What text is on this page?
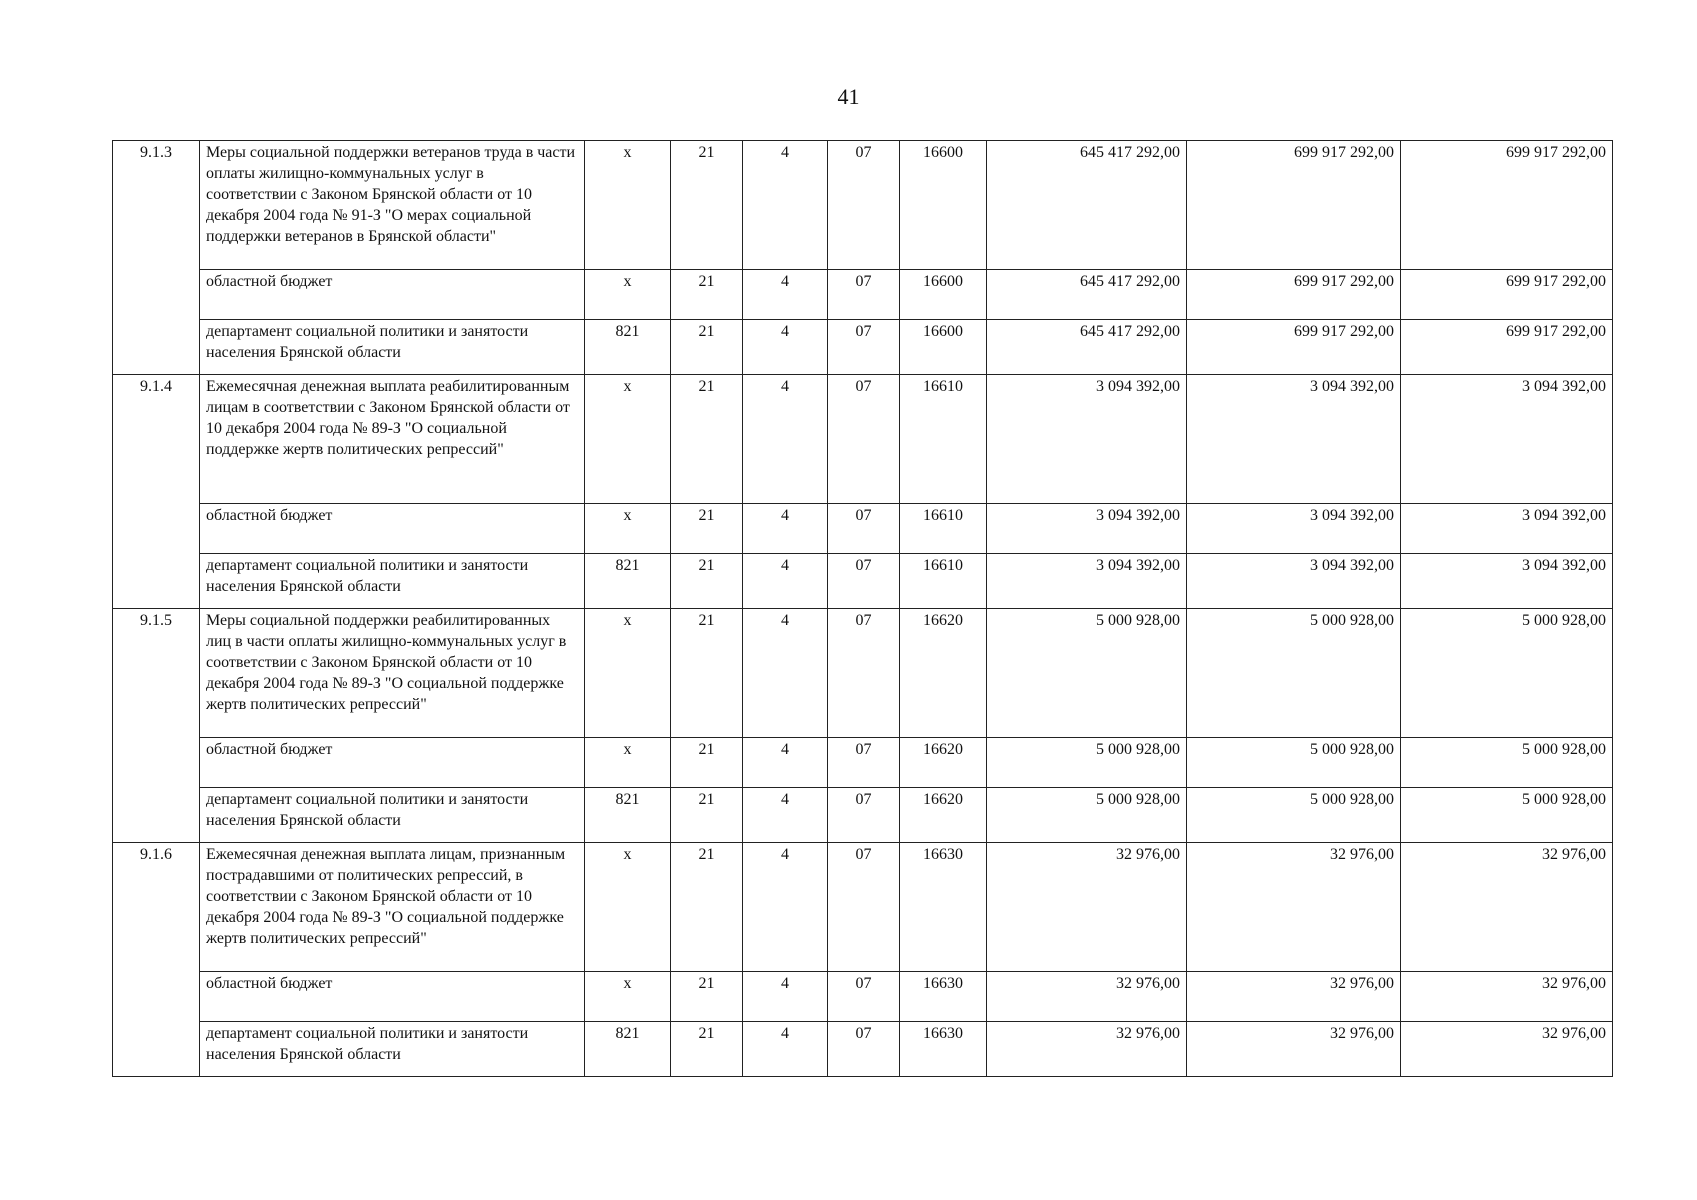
41
9.1.3	Меры социальной поддержки ветеранов труда в части оплаты жилищно-коммунальных услуг в соответствии с Законом Брянской области от 10 декабря 2004 года № 91-З "О мерах социальной поддержки ветеранов в Брянской области"	x	21	4	07	16600	645 417 292,00	699 917 292,00	699 917 292,00
	областной бюджет	x	21	4	07	16600	645 417 292,00	699 917 292,00	699 917 292,00
	департамент социальной политики и занятости населения Брянской области	821	21	4	07	16600	645 417 292,00	699 917 292,00	699 917 292,00
9.1.4	Ежемесячная денежная выплата реабилитированным лицам в соответствии с Законом Брянской области от 10 декабря 2004 года № 89-З "О социальной поддержке жертв политических репрессий"	x	21	4	07	16610	3 094 392,00	3 094 392,00	3 094 392,00
	областной бюджет	x	21	4	07	16610	3 094 392,00	3 094 392,00	3 094 392,00
	департамент социальной политики и занятости населения Брянской области	821	21	4	07	16610	3 094 392,00	3 094 392,00	3 094 392,00
9.1.5	Меры социальной поддержки реабилитированных лиц в части оплаты жилищно-коммунальных услуг в соответствии с Законом Брянской области от 10 декабря 2004 года № 89-З "О социальной поддержке жертв политических репрессий"	x	21	4	07	16620	5 000 928,00	5 000 928,00	5 000 928,00
	областной бюджет	x	21	4	07	16620	5 000 928,00	5 000 928,00	5 000 928,00
	департамент социальной политики и занятости населения Брянской области	821	21	4	07	16620	5 000 928,00	5 000 928,00	5 000 928,00
9.1.6	Ежемесячная денежная выплата лицам, признанным пострадавшими от политических репрессий, в соответствии с Законом Брянской области от 10 декабря 2004 года № 89-З "О социальной поддержке жертв политических репрессий"	x	21	4	07	16630	32 976,00	32 976,00	32 976,00
	областной бюджет	x	21	4	07	16630	32 976,00	32 976,00	32 976,00
	департамент социальной политики и занятости населения Брянской области	821	21	4	07	16630	32 976,00	32 976,00	32 976,00
